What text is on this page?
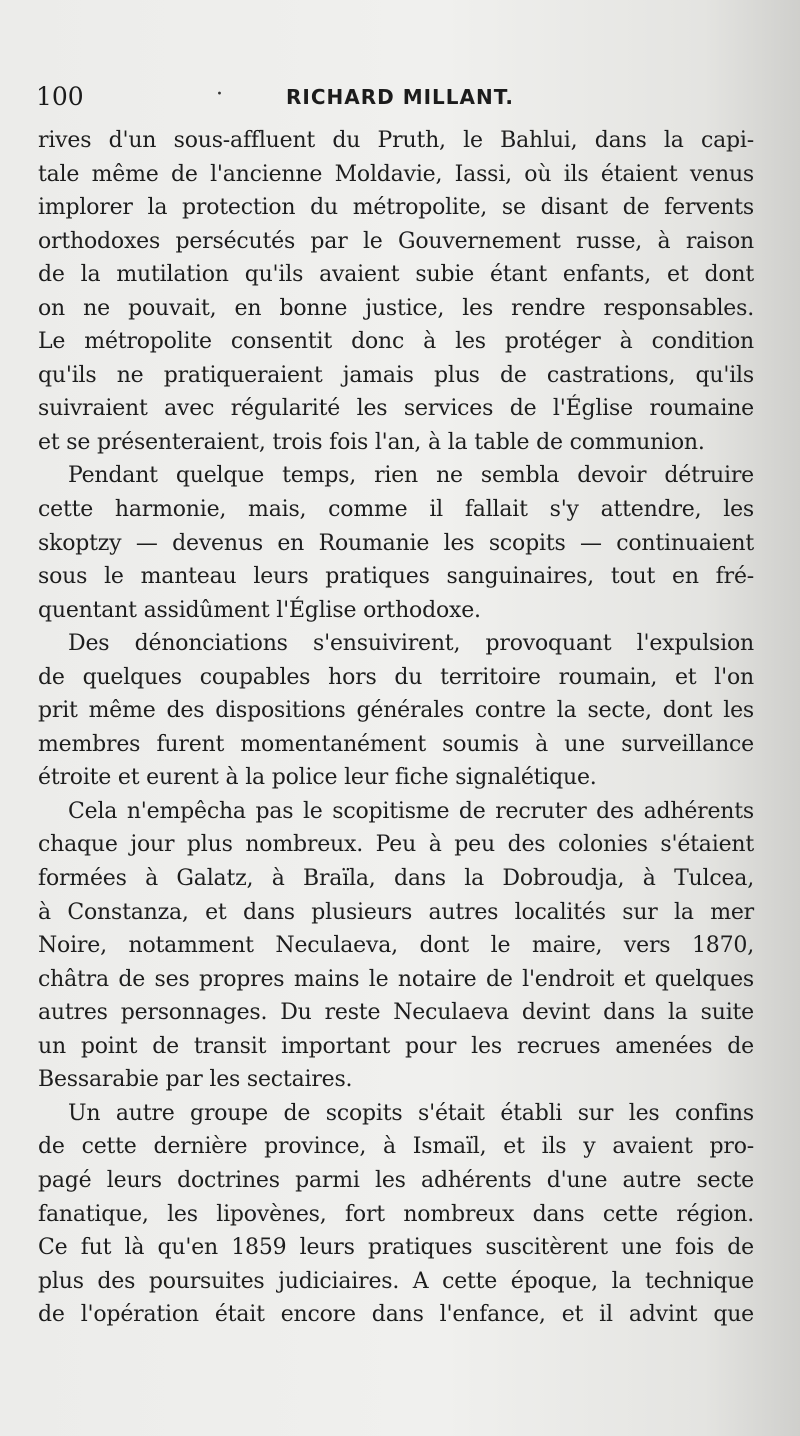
100	·	RICHARD MILLANT.
rives d'un sous-affluent du Pruth, le Bahlui, dans la capi-
tale même de l'ancienne Moldavie, Iassi, où ils étaient venus
implorer la protection du métropolite, se disant de fervents
orthodoxes persécutés par le Gouvernement russe, à raison
de la mutilation qu'ils avaient subie étant enfants, et dont
on ne pouvait, en bonne justice, les rendre responsables.
Le métropolite consentit donc à les protéger à condition
qu'ils ne pratiqueraient jamais plus de castrations, qu'ils
suivraient avec régularité les services de l'Église roumaine
et se présenteraient, trois fois l'an, à la table de communion.
Pendant quelque temps, rien ne sembla devoir détruire
cette harmonie, mais, comme il fallait s'y attendre, les
skoptzy — devenus en Roumanie les scopits — continuaient
sous le manteau leurs pratiques sanguinaires, tout en fré-
quentant assidûment l'Église orthodoxe.
Des dénonciations s'ensuivirent, provoquant l'expulsion
de quelques coupables hors du territoire roumain, et l'on
prit même des dispositions générales contre la secte, dont les
membres furent momentanément soumis à une surveillance
étroite et eurent à la police leur fiche signalétique.
Cela n'empêcha pas le scopitisme de recruter des adhérents
chaque jour plus nombreux. Peu à peu des colonies s'étaient
formées à Galatz, à Braïla, dans la Dobroudja, à Tulcea,
à Constanza, et dans plusieurs autres localités sur la mer
Noire, notamment Neculaeva, dont le maire, vers 1870,
châtra de ses propres mains le notaire de l'endroit et quelques
autres personnages. Du reste Neculaeva devint dans la suite
un point de transit important pour les recrues amenées de
Bessarabie par les sectaires.
Un autre groupe de scopits s'était établi sur les confins
de cette dernière province, à Ismaïl, et ils y avaient pro-
pagé leurs doctrines parmi les adhérents d'une autre secte
fanatique, les lipovènes, fort nombreux dans cette région.
Ce fut là qu'en 1859 leurs pratiques suscitèrent une fois de
plus des poursuites judiciaires. A cette époque, la technique
de l'opération était encore dans l'enfance, et il advint que
